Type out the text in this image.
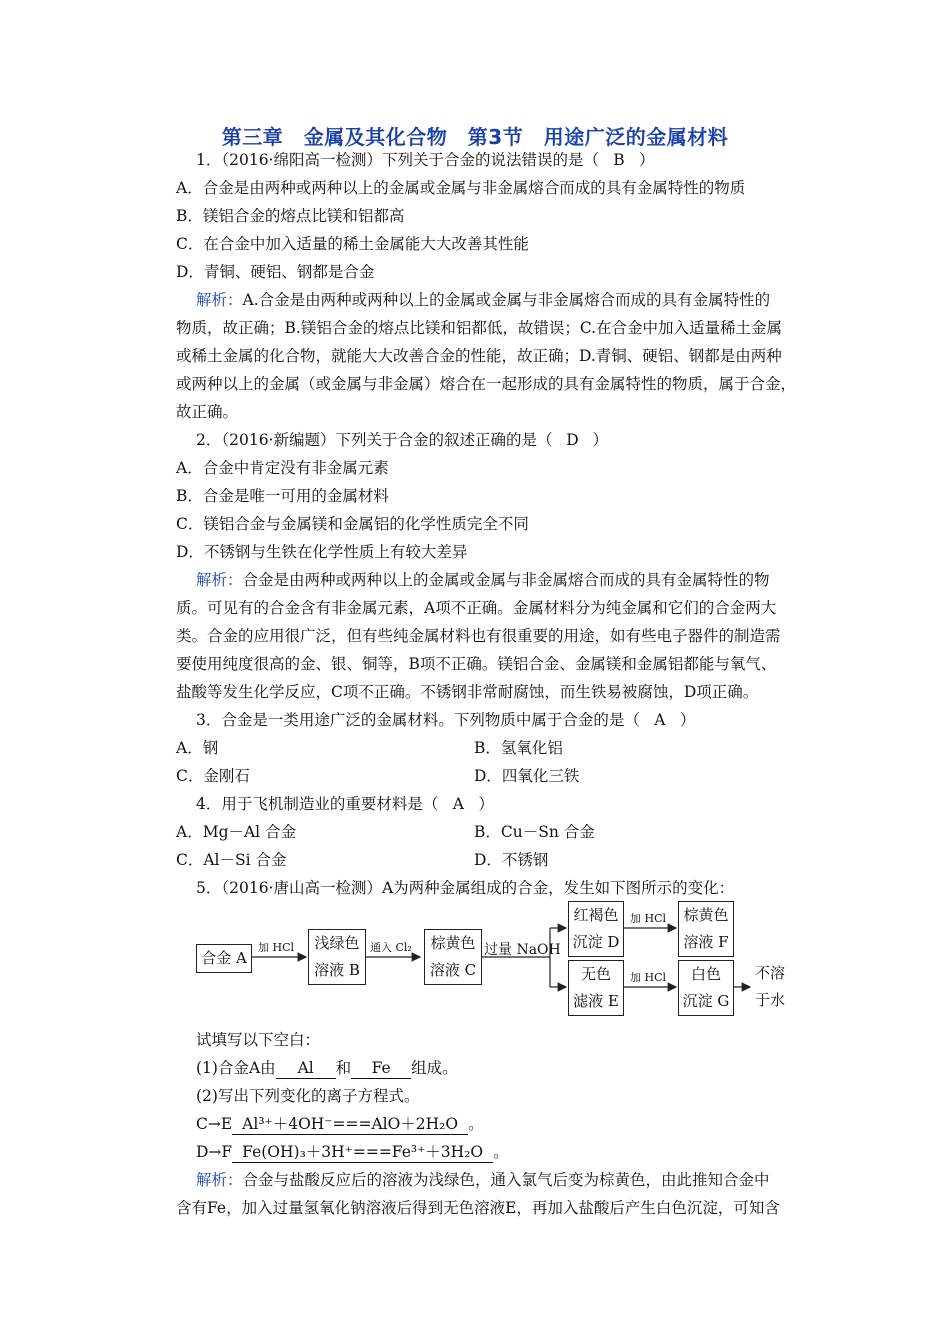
第三章　金属及其化合物　第3节　用途广泛的金属材料
1．（2016·绵阳高一检测）下列关于合金的说法错误的是（ B ）
A．合金是由两种或两种以上的金属或金属与非金属熔合而成的具有金属特性的物质
B．镁铝合金的熔点比镁和铝都高
C．在合金中加入适量的稀土金属能大大改善其性能
D．青铜、硬铝、钢都是合金
解析：A.合金是由两种或两种以上的金属或金属与非金属熔合而成的具有金属特性的
物质，故正确；B.镁铝合金的熔点比镁和铝都低，故错误；C.在合金中加入适量稀土金属
或稀土金属的化合物，就能大大改善合金的性能，故正确；D.青铜、硬铝、钢都是由两种
或两种以上的金属（或金属与非金属）熔合在一起形成的具有金属特性的物质，属于合金，
故正确。
2．（2016·新编题）下列关于合金的叙述正确的是（ D ）
A．合金中肯定没有非金属元素
B．合金是唯一可用的金属材料
C．镁铝合金与金属镁和金属铝的化学性质完全不同
D．不锈钢与生铁在化学性质上有较大差异
解析：合金是由两种或两种以上的金属或金属与非金属熔合而成的具有金属特性的物
质。可见有的合金含有非金属元素，A项不正确。金属材料分为纯金属和它们的合金两大
类。合金的应用很广泛，但有些纯金属材料也有很重要的用途，如有些电子器件的制造需
要使用纯度很高的金、银、铜等，B项不正确。镁铝合金、金属镁和金属铝都能与氧气、
盐酸等发生化学反应，C项不正确。不锈钢非常耐腐蚀，而生铁易被腐蚀，D项正确。
3．合金是一类用途广泛的金属材料。下列物质中属于合金的是（ A ）
A．钢	B．氢氧化铝
C．金刚石	D．四氧化三铁
4．用于飞机制造业的重要材料是（ A ）
A．Mg－Al 合金	B．Cu－Sn 合金
C．Al－Si 合金	D．不锈钢
5．（2016·唐山高一检测）A为两种金属组成的合金，发生如下图所示的变化：
合金 A
加 HCl	浅绿色
溶液 B
通入 Cl₂	棕黄色
溶液 C
过量 NaOH
红褐色
沉淀 D
加 HCl 棕黄色
溶液 F
无色
滤液 E
加 HCl	白色
沉淀 G
不溶
于水
试填写以下空白：
(1)合金A由 Al 和 Fe 组成。
(2)写出下列变化的离子方程式。
C→E Al³⁺＋4OH⁻===AlO＋2H₂O 。
D→F Fe(OH)₃＋3H⁺===Fe³⁺＋3H₂O 。
解析：合金与盐酸反应后的溶液为浅绿色，通入氯气后变为棕黄色，由此推知合金中
含有Fe，加入过量氢氧化钠溶液后得到无色溶液E，再加入盐酸后产生白色沉淀，可知含
